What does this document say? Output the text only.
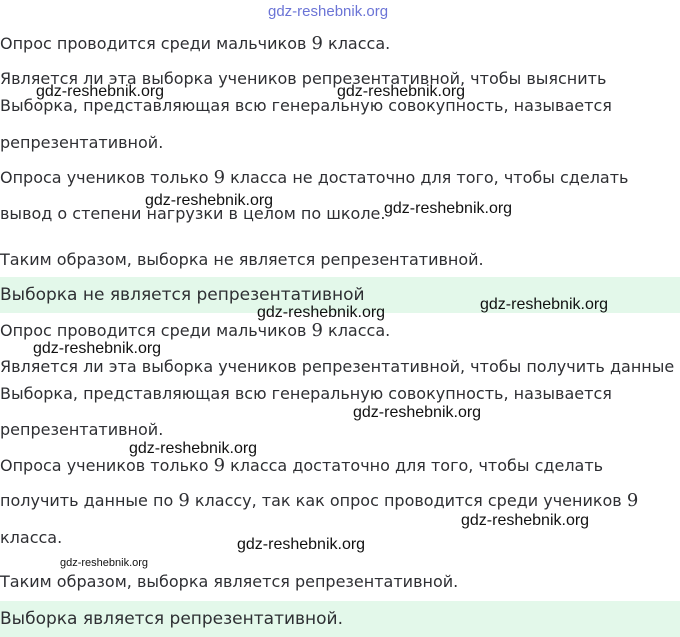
gdz-reshebnik.org
Опрос проводится среди мальчиков 9 класса.
Является ли эта выборка учеников репрезентативной, чтобы выяснить
gdz-reshebnik.org	gdz-reshebnik.org
Выборка, представляющая всю генеральную совокупность, называется
репрезентативной.
Опроса учеников только 9 класса не достаточно для того, чтобы сделать
gdz-reshebnik.org
вывод о степени нагрузки в целом по школе.
gdz-reshebnik.org
Таким образом, выборка не является репрезентативной.
Выборка не является репрезентативной	gdz-reshebnik.org
gdz-reshebnik.org
Опрос проводится среди мальчиков 9 класса.
gdz-reshebnik.org
Является ли эта выборка учеников репрезентативной, чтобы получить данные
Выборка, представляющая всю генеральную совокупность, называется
gdz-reshebnik.org
репрезентативной.
gdz-reshebnik.org
Опроса учеников только 9 класса достаточно для того, чтобы сделать
получить данные по 9 классу, так как опрос проводится среди учеников 9
gdz-reshebnik.org
класса.	gdz-reshebnik.org
gdz-reshebnik.org
Таким образом, выборка является репрезентативной.
Выборка является репрезентативной.
